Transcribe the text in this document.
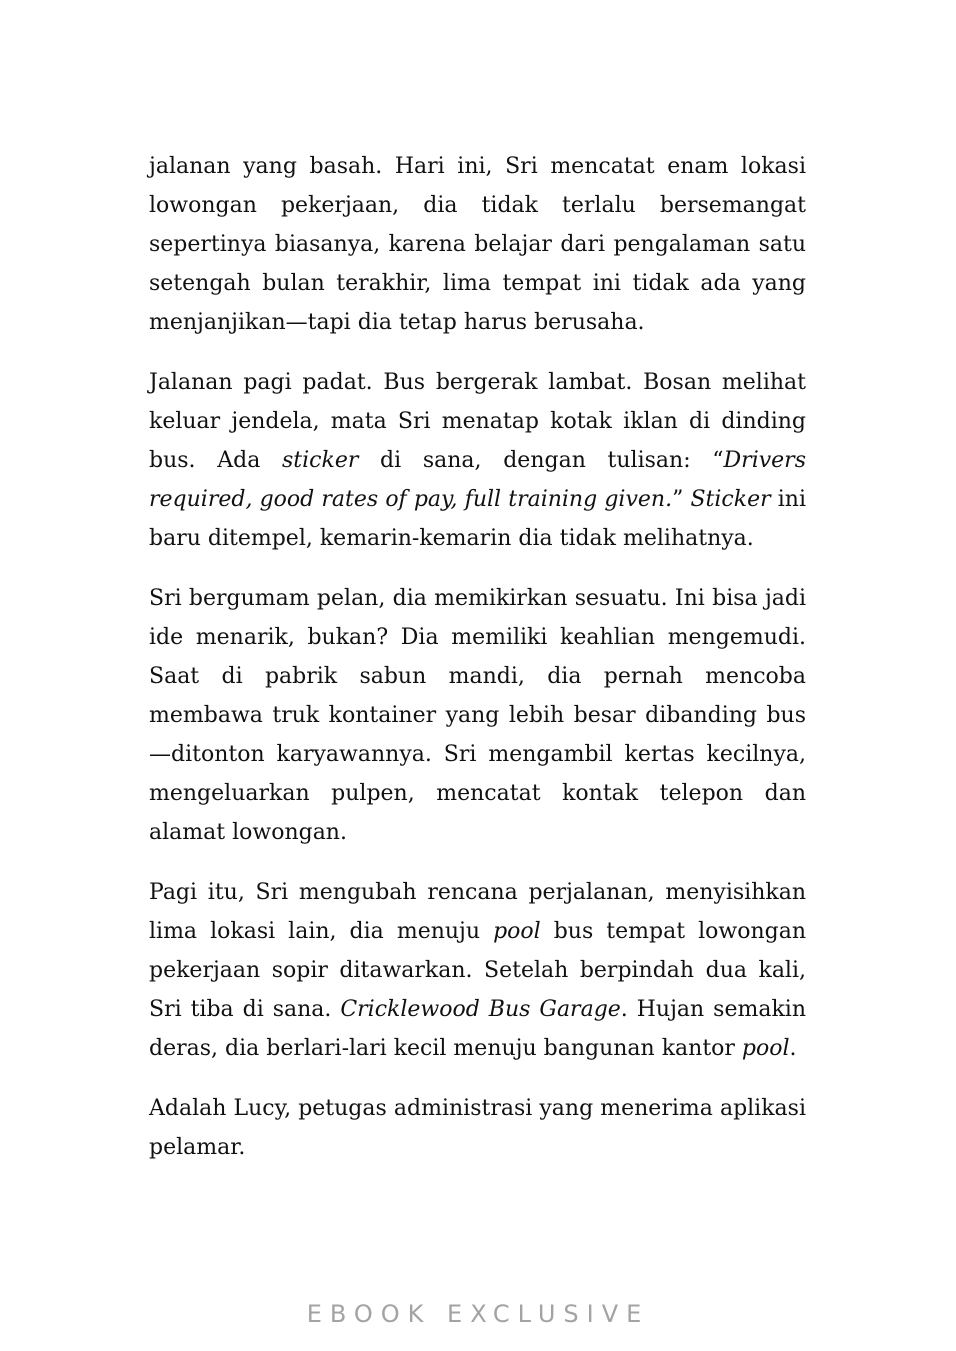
jalanan yang basah. Hari ini, Sri mencatat enam lokasi lowongan pekerjaan, dia tidak terlalu bersemangat sepertinya biasanya, karena belajar dari pengalaman satu setengah bulan terakhir, lima tempat ini tidak ada yang menjanjikan—tapi dia tetap harus berusaha.

Jalanan pagi padat. Bus bergerak lambat. Bosan melihat keluar jendela, mata Sri menatap kotak iklan di dinding bus. Ada sticker di sana, dengan tulisan: “Drivers required, good rates of pay, full training given.” Sticker ini baru ditempel, kemarin-kemarin dia tidak melihatnya.

Sri bergumam pelan, dia memikirkan sesuatu. Ini bisa jadi ide menarik, bukan? Dia memiliki keahlian mengemudi. Saat di pabrik sabun mandi, dia pernah mencoba membawa truk kontainer yang lebih besar dibanding bus—ditonton karyawannya. Sri mengambil kertas kecilnya, mengeluarkan pulpen, mencatat kontak telepon dan alamat lowongan.

Pagi itu, Sri mengubah rencana perjalanan, menyisihkan lima lokasi lain, dia menuju pool bus tempat lowongan pekerjaan sopir ditawarkan. Setelah berpindah dua kali, Sri tiba di sana. Cricklewood Bus Garage. Hujan semakin deras, dia berlari-lari kecil menuju bangunan kantor pool.

Adalah Lucy, petugas administrasi yang menerima aplikasi pelamar.

EBOOK EXCLUSIVE
